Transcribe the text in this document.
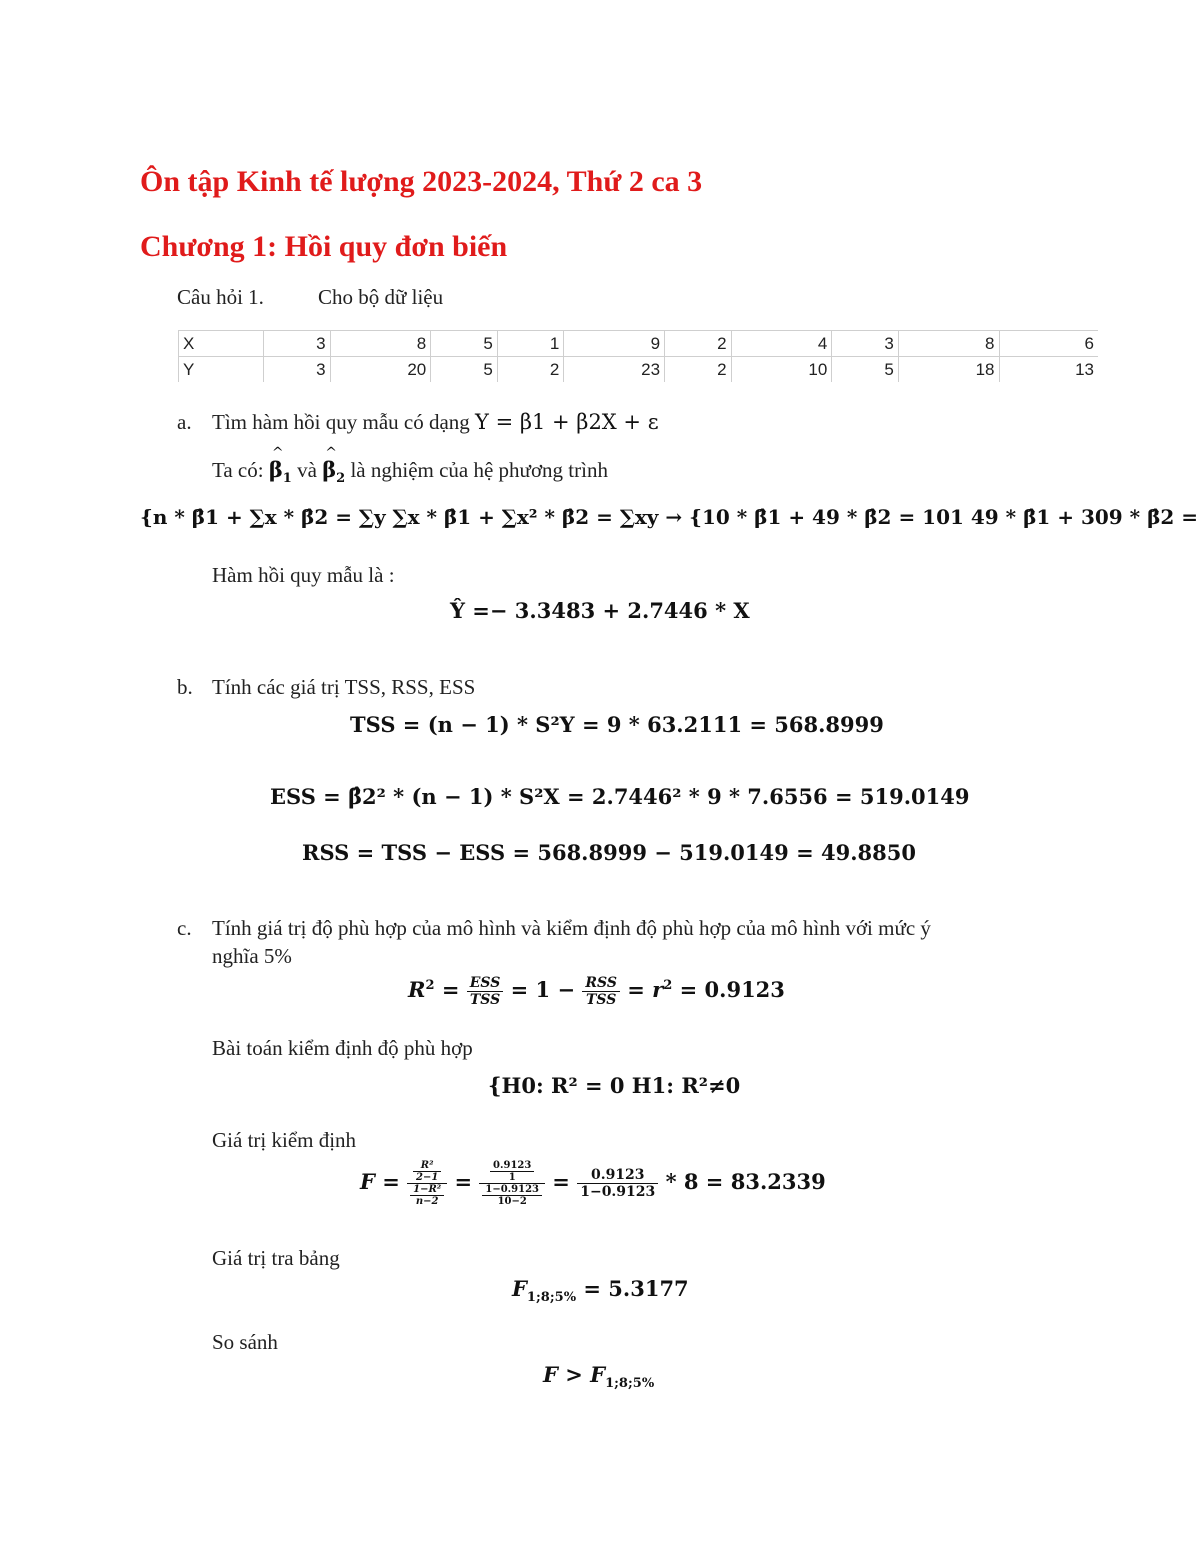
Ôn tập Kinh tế lượng 2023-2024, Thứ 2 ca 3
Chương 1: Hồi quy đơn biến
Câu hỏi 1.	Cho bộ dữ liệu
X	3	8	5	1	9	2	4	3	8	6
Y	3	20	5	2	23	2	10	5	18	13
a. Tìm hàm hồi quy mẫu có dạng Y = β1 + β2X + ε
Ta có: ^ $\beta_1$ và ^ $\beta_2$ là nghiệm của hệ phương trình
{n * β̂1 + ∑x * β̂2 = ∑y ∑x * β̂1 + ∑x² * β̂2 = ∑xy → {10 * β̂1 + 49 * β̂2 = 101 49 * β̂1 + 309 * β̂2 =
Hàm hồi quy mẫu là :
Ŷ =− 3.3483 + 2.7446 * X
b. Tính các giá trị TSS, RSS, ESS
TSS = (n − 1) * S²Y = 9 * 63.2111 = 568.8999
ESS = β̂2² * (n − 1) * S²X = 2.7446² * 9 * 7.6556 = 519.0149
RSS = TSS − ESS = 568.8999 − 519.0149 = 49.8850
c. Tính giá trị độ phù hợp của mô hình và kiểm định độ phù hợp của mô hình với mức ý
nghĩa 5%
$R^2 = \frac{\text{ESS}}{\text{TSS}} = 1 - \frac{\text{RSS}}{\text{TSS}} = r^2 = 0.9123$
Bài toán kiểm định độ phù hợp
{H0: R² = 0 H1: R²≠0
Giá trị kiểm định
$F = \frac{\frac{\text{R²}}{2-1}}{\frac{\text{1−R²}}{n-2}} = \frac{\frac{0.9123}{1}}{\frac{1-0.9123}{10-2}} = \frac{0.9123}{1-0.9123} * 8 = 83.2339$
Giá trị tra bảng
$F_{1;8;5\%} = 5.3177$
So sánh
$F > F_{1;8;5\%}$
